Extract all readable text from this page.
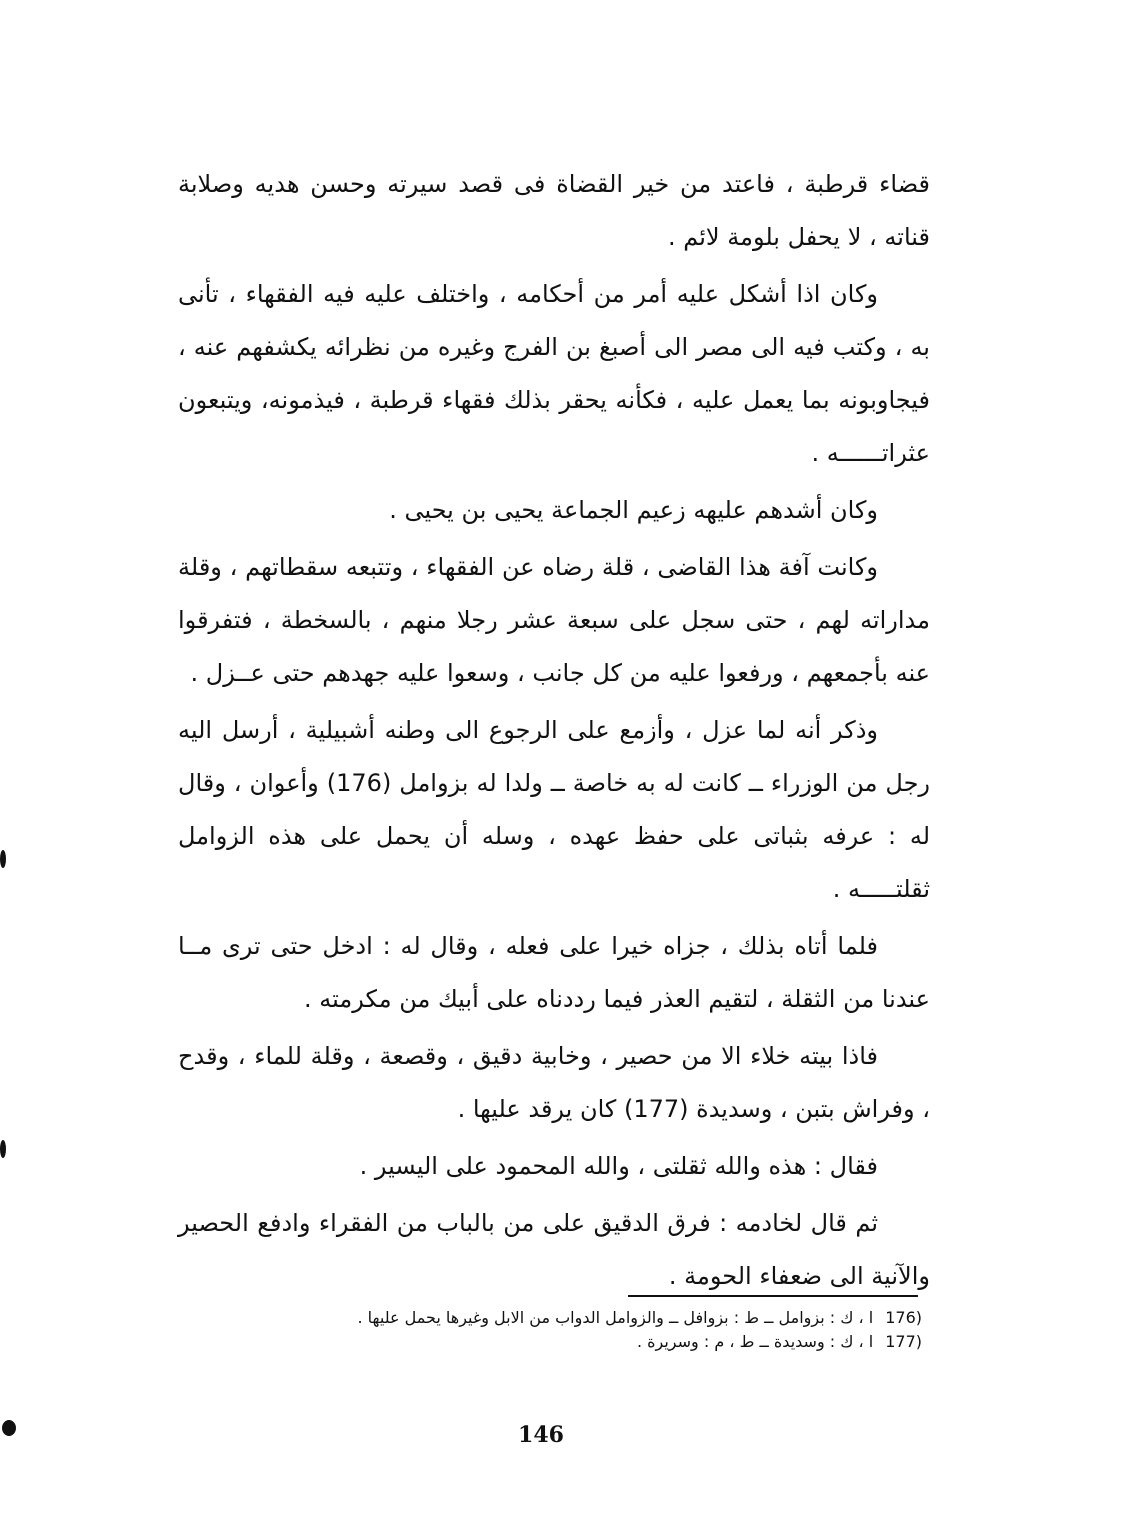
قضاء قرطبة ، فاعتد من خير القضاة فى قصد سيرته وحسن هديه وصلابة قناته ، لا يحفل بلومة لائم .

وكان اذا أشكل عليه أمر من أحكامه ، واختلف عليه فيه الفقهاء ، تأنى به ، وكتب فيه الى مصر الى أصبغ بن الفرج وغيره من نظرائه يكشفهم عنه ، فيجاوبونه بما يعمل عليه ، فكأنه يحقر بذلك فقهاء قرطبة ، فيذمونه، ويتبعون عثراتــــــه .

وكان أشدهم عليهه زعيم الجماعة يحيى بن يحيى .

وكانت آفة هذا القاضى ، قلة رضاه عن الفقهاء ، وتتبعه سقطاتهم ، وقلة مداراته لهم ، حتى سجل على سبعة عشر رجلا منهم ، بالسخطة ، فتفرقوا عنه بأجمعهم ، ورفعوا عليه من كل جانب ، وسعوا عليه جهدهم حتى عــزل .

وذكر أنه لما عزل ، وأزمع على الرجوع الى وطنه أشبيلية ، أرسل اليه رجل من الوزراء ــ كانت له به خاصة ــ ولدا له بزوامل (176) وأعوان ، وقال له : عرفه بثباتى على حفظ عهده ، وسله أن يحمل على هذه الزوامل ثقلتـــــه .

فلما أتاه بذلك ، جزاه خيرا على فعله ، وقال له : ادخل حتى ترى مــا عندنا من الثقلة ، لتقيم العذر فيما رددناه على أبيك من مكرمته .

فاذا بيته خلاء الا من حصير ، وخابية دقيق ، وقصعة ، وقلة للماء ، وقدح ، وفراش بتبن ، وسديدة (177) كان يرقد عليها .

فقال : هذه والله ثقلتى ، والله المحمود على اليسير .

ثم قال لخادمه : فرق الدقيق على من بالباب من الفقراء وادفع الحصير والآنية الى ضعفاء الحومة .

176)
ا ، ك : بزوامل ــ ط : بزوافل ــ والزوامل الدواب من الابل وغيرها يحمل عليها .
177)
ا ، ك : وسديدة ــ ط ، م : وسريرة .
146
